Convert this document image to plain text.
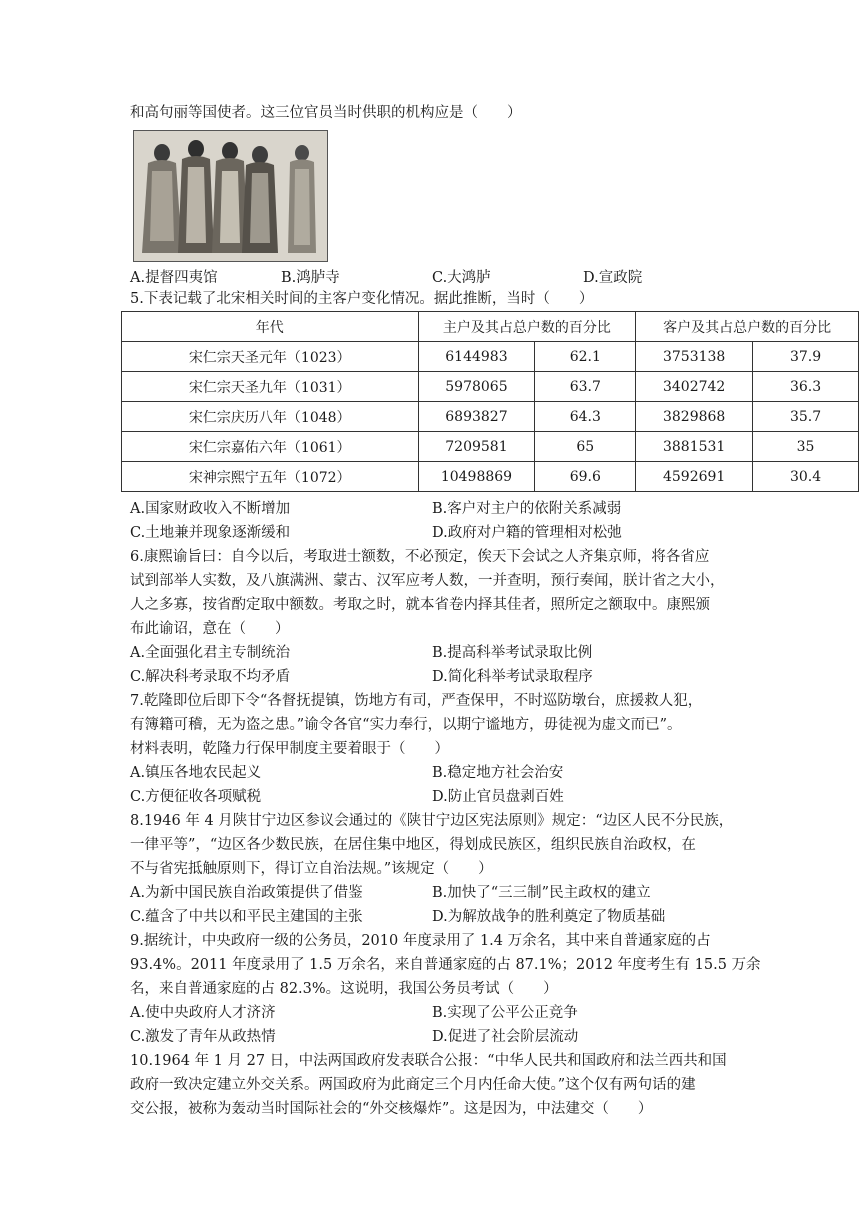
和高句丽等国使者。这三位官员当时供职的机构应是（　　）
A.提督四夷馆	B.鸿胪寺	C.大鸿胪	D.宣政院
5.下表记载了北宋相关时间的主客户变化情况。据此推断，当时（　　）
年代	主户及其占总户数的百分比		客户及其占总户数的百分比	
宋仁宗天圣元年（1023）	6144983	62.1	3753138	37.9
宋仁宗天圣九年（1031）	5978065	63.7	3402742	36.3
宋仁宗庆历八年（1048）	6893827	64.3	3829868	35.7
宋仁宗嘉佑六年（1061）	7209581	65	3881531	35
宋神宗熙宁五年（1072）	10498869	69.6	4592691	30.4
A.国家财政收入不断增加	B.客户对主户的依附关系减弱
C.土地兼并现象逐渐缓和	D.政府对户籍的管理相对松弛
6.康熙谕旨曰：自今以后，考取进士额数，不必预定，俟天下会试之人齐集京师，将各省应
试到部举人实数，及八旗满洲、蒙古、汉军应考人数，一并查明，预行奏闻，朕计省之大小，
人之多寡，按省酌定取中额数。考取之时，就本省卷内择其佳者，照所定之额取中。康熙颁
布此谕诏，意在（　　）
A.全面强化君主专制统治	B.提高科举考试录取比例
C.解决科考录取不均矛盾	D.简化科举考试录取程序
7.乾隆即位后即下令“各督抚提镇，饬地方有司，严查保甲，不时巡防墩台，庶援救人犯，
有簿籍可稽，无为盗之患。”谕令各官“实力奉行，以期宁谧地方，毋徒视为虚文而已”。
材料表明，乾隆力行保甲制度主要着眼于（　　）
A.镇压各地农民起义	B.稳定地方社会治安
C.方便征收各项赋税	D.防止官员盘剥百姓
8.1946 年 4 月陕甘宁边区参议会通过的《陕甘宁边区宪法原则》规定：“边区人民不分民族，
一律平等”，“边区各少数民族，在居住集中地区，得划成民族区，组织民族自治政权，在
不与省宪抵触原则下，得订立自治法规。”该规定（　　）
A.为新中国民族自治政策提供了借鉴	B.加快了“三三制”民主政权的建立
C.蕴含了中共以和平民主建国的主张	D.为解放战争的胜利奠定了物质基础
9.据统计，中央政府一级的公务员，2010 年度录用了 1.4 万余名，其中来自普通家庭的占
93.4%。2011 年度录用了 1.5 万余名，来自普通家庭的占 87.1%；2012 年度考生有 15.5 万余
名，来自普通家庭的占 82.3%。这说明，我国公务员考试（　　）
A.使中央政府人才济济	B.实现了公平公正竞争
C.激发了青年从政热情	D.促进了社会阶层流动
10.1964 年 1 月 27 日，中法两国政府发表联合公报：“中华人民共和国政府和法兰西共和国
政府一致决定建立外交关系。两国政府为此商定三个月内任命大使。”这个仅有两句话的建
交公报，被称为轰动当时国际社会的“外交核爆炸”。这是因为，中法建交（　　）
